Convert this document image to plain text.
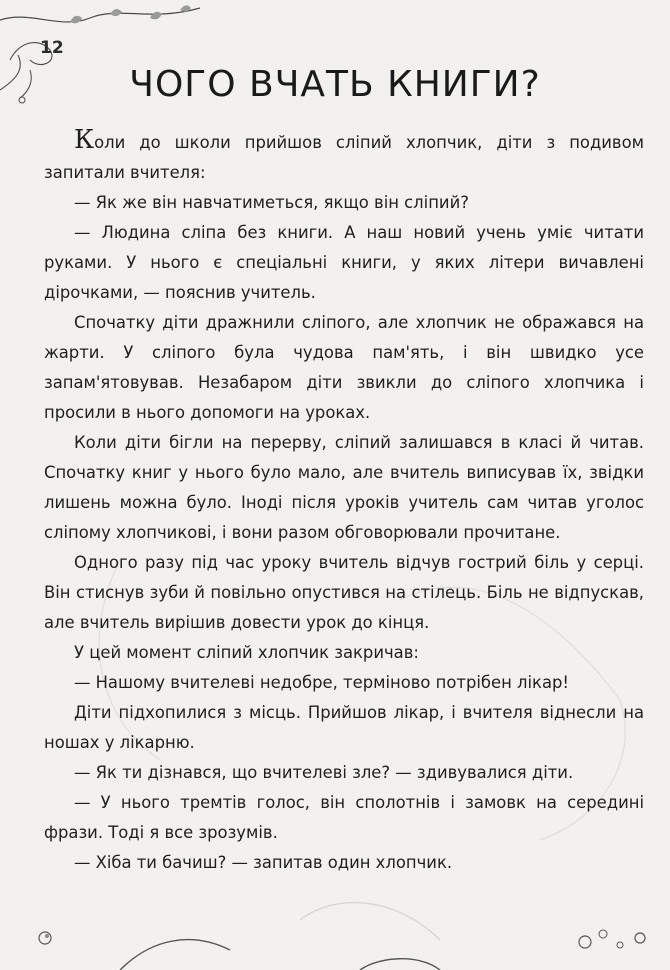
12
ЧОГО ВЧАТЬ КНИГИ?

Коли до школи прийшов сліпий хлопчик, діти з подивом запитали вчителя:

— Як же він навчатиметься, якщо він сліпий?

— Людина сліпа без книги. А наш новий учень уміє читати руками. У нього є спеціальні книги, у яких літери вичавлені дірочками, — пояснив учитель.

Спочатку діти дражнили сліпого, але хлопчик не ображався на жарти. У сліпого була чудова пам'ять, і він швидко усе запам'ятовував. Незабаром діти звикли до сліпого хлопчика і просили в нього допомоги на уроках.

Коли діти бігли на перерву, сліпий залишався в класі й читав. Спочатку книг у нього було мало, але вчитель виписував їх, звідки лишень можна було. Іноді після уроків учитель сам читав уголос сліпому хлопчикові, і вони разом обговорювали прочитане.

Одного разу під час уроку вчитель відчув гострий біль у серці. Він стиснув зуби й повільно опустився на стілець. Біль не відпускав, але вчитель вирішив довести урок до кінця.

У цей момент сліпий хлопчик закричав:

— Нашому вчителеві недобре, терміново потрібен лікар!

Діти підхопилися з місць. Прийшов лікар, і вчителя віднесли на ношах у лікарню.

— Як ти дізнався, що вчителеві зле? — здивувалися діти.

— У нього тремтів голос, він сполотнів і замовк на середині фрази. Тоді я все зрозумів.

— Хіба ти бачиш? — запитав один хлопчик.
